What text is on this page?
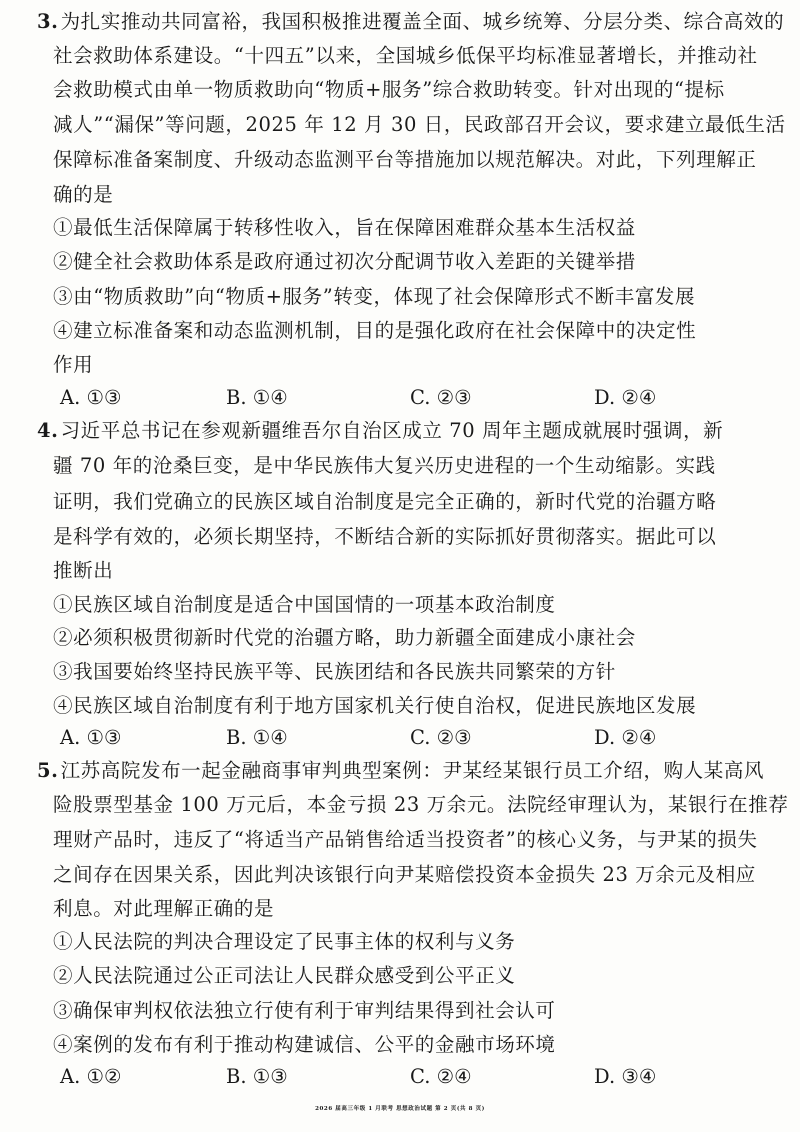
3. 为扎实推动共同富裕，我国积极推进覆盖全面、城乡统筹、分层分类、综合高效的
社会救助体系建设。“十四五”以来，全国城乡低保平均标准显著增长，并推动社
会救助模式由单一物质救助向“物质+服务”综合救助转变。针对出现的“提标
减人”“漏保”等问题，2025 年 12 月 30 日，民政部召开会议，要求建立最低生活
保障标准备案制度、升级动态监测平台等措施加以规范解决。对此，下列理解正
确的是
①最低生活保障属于转移性收入，旨在保障困难群众基本生活权益
②健全社会救助体系是政府通过初次分配调节收入差距的关键举措
③由“物质救助”向“物质+服务”转变，体现了社会保障形式不断丰富发展
④建立标准备案和动态监测机制，目的是强化政府在社会保障中的决定性
作用
A. ①③	B. ①④	C. ②③	D. ②④
4. 习近平总书记在参观新疆维吾尔自治区成立 70 周年主题成就展时强调，新
疆 70 年的沧桑巨变，是中华民族伟大复兴历史进程的一个生动缩影。实践
证明，我们党确立的民族区域自治制度是完全正确的，新时代党的治疆方略
是科学有效的，必须长期坚持，不断结合新的实际抓好贯彻落实。据此可以
推断出
①民族区域自治制度是适合中国国情的一项基本政治制度
②必须积极贯彻新时代党的治疆方略，助力新疆全面建成小康社会
③我国要始终坚持民族平等、民族团结和各民族共同繁荣的方针
④民族区域自治制度有利于地方国家机关行使自治权，促进民族地区发展
A. ①③	B. ①④	C. ②③	D. ②④
5. 江苏高院发布一起金融商事审判典型案例：尹某经某银行员工介绍，购人某高风
险股票型基金 100 万元后，本金亏损 23 万余元。法院经审理认为，某银行在推荐
理财产品时，违反了“将适当产品销售给适当投资者”的核心义务，与尹某的损失
之间存在因果关系，因此判决该银行向尹某赔偿投资本金损失 23 万余元及相应
利息。对此理解正确的是
①人民法院的判决合理设定了民事主体的权利与义务
②人民法院通过公正司法让人民群众感受到公平正义
③确保审判权依法独立行使有利于审判结果得到社会认可
④案例的发布有利于推动构建诚信、公平的金融市场环境
A. ①②	B. ①③	C. ②④	D. ③④
2026 届高三年级 1 月联考 思想政治试题 第 2 页(共 8 页)
